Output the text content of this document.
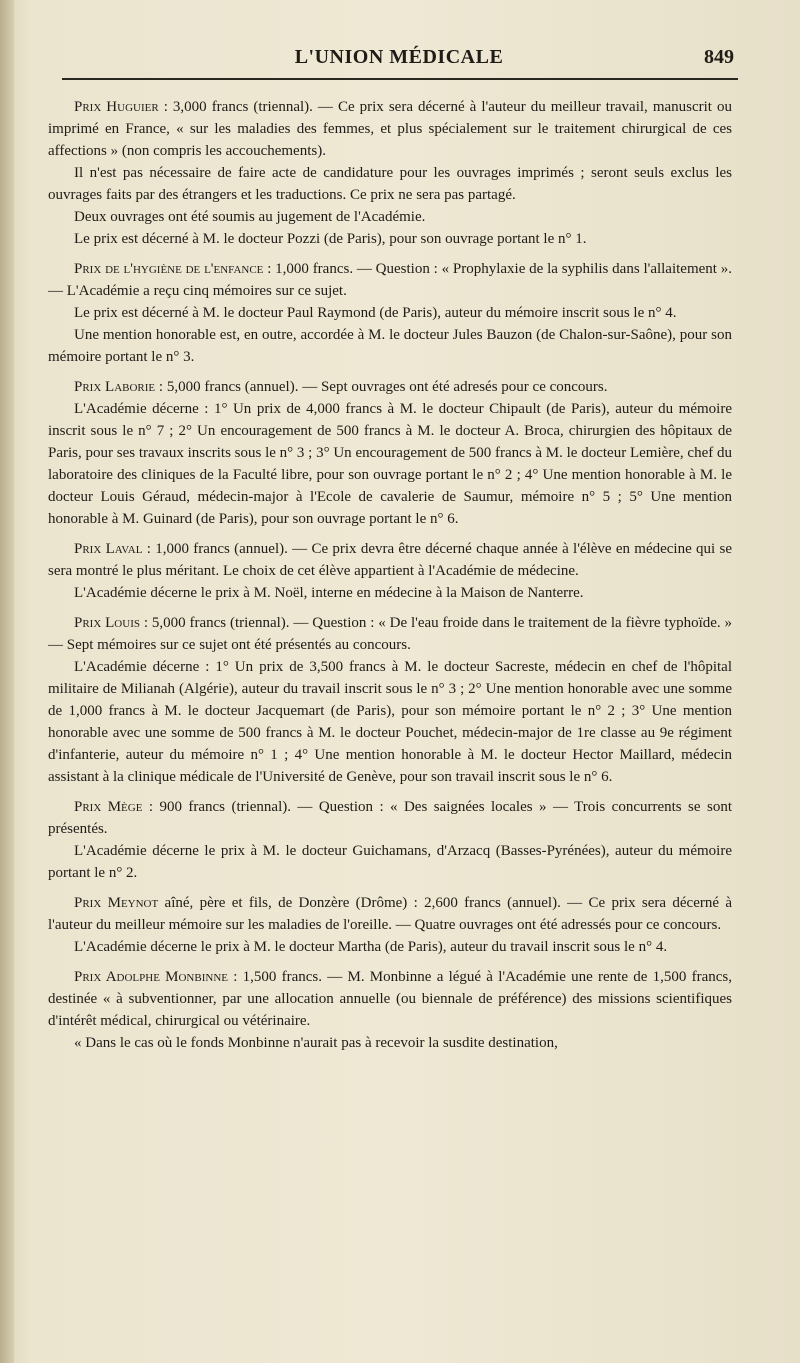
L'UNION MÉDICALE	849

Prix Huguier : 3,000 francs (triennal). — Ce prix sera décerné à l'auteur du meilleur travail, manuscrit ou imprimé en France, « sur les maladies des femmes, et plus spécialement sur le traitement chirurgical de ces affections » (non compris les accouchements).

Il n'est pas nécessaire de faire acte de candidature pour les ouvrages imprimés ; seront seuls exclus les ouvrages faits par des étrangers et les traductions. Ce prix ne sera pas partagé.

Deux ouvrages ont été soumis au jugement de l'Académie.

Le prix est décerné à M. le docteur Pozzi (de Paris), pour son ouvrage portant le n° 1.

Prix de l'hygiène de l'enfance : 1,000 francs. — Question : « Prophylaxie de la syphilis dans l'allaitement ». — L'Académie a reçu cinq mémoires sur ce sujet.

Le prix est décerné à M. le docteur Paul Raymond (de Paris), auteur du mémoire inscrit sous le n° 4.

Une mention honorable est, en outre, accordée à M. le docteur Jules Bauzon (de Chalon-sur-Saône), pour son mémoire portant le n° 3.

Prix Laborie : 5,000 francs (annuel). — Sept ouvrages ont été adresés pour ce concours.

L'Académie décerne : 1° Un prix de 4,000 francs à M. le docteur Chipault (de Paris), auteur du mémoire inscrit sous le n° 7 ; 2° Un encouragement de 500 francs à M. le docteur A. Broca, chirurgien des hôpitaux de Paris, pour ses travaux inscrits sous le n° 3 ; 3° Un encouragement de 500 francs à M. le docteur Lemière, chef du laboratoire des cliniques de la Faculté libre, pour son ouvrage portant le n° 2 ; 4° Une mention honorable à M. le docteur Louis Géraud, médecin-major à l'Ecole de cavalerie de Saumur, mémoire n° 5 ; 5° Une mention honorable à M. Guinard (de Paris), pour son ouvrage portant le n° 6.

Prix Laval : 1,000 francs (annuel). — Ce prix devra être décerné chaque année à l'élève en médecine qui se sera montré le plus méritant. Le choix de cet élève appartient à l'Académie de médecine.

L'Académie décerne le prix à M. Noël, interne en médecine à la Maison de Nanterre.

Prix Louis : 5,000 francs (triennal). — Question : « De l'eau froide dans le traitement de la fièvre typhoïde. » — Sept mémoires sur ce sujet ont été présentés au concours.

L'Académie décerne : 1° Un prix de 3,500 francs à M. le docteur Sacreste, médecin en chef de l'hôpital militaire de Milianah (Algérie), auteur du travail inscrit sous le n° 3 ; 2° Une mention honorable avec une somme de 1,000 francs à M. le docteur Jacquemart (de Paris), pour son mémoire portant le n° 2 ; 3° Une mention honorable avec une somme de 500 francs à M. le docteur Pouchet, médecin-major de 1re classe au 9e régiment d'infanterie, auteur du mémoire n° 1 ; 4° Une mention honorable à M. le docteur Hector Maillard, médecin assistant à la clinique médicale de l'Université de Genève, pour son travail inscrit sous le n° 6.

Prix Mège : 900 francs (triennal). — Question : « Des saignées locales » — Trois concurrents se sont présentés.

L'Académie décerne le prix à M. le docteur Guichamans, d'Arzacq (Basses-Pyrénées), auteur du mémoire portant le n° 2.

Prix Meynot aîné, père et fils, de Donzère (Drôme) : 2,600 francs (annuel). — Ce prix sera décerné à l'auteur du meilleur mémoire sur les maladies de l'oreille. — Quatre ouvrages ont été adressés pour ce concours.

L'Académie décerne le prix à M. le docteur Martha (de Paris), auteur du travail inscrit sous le n° 4.

Prix Adolphe Monbinne : 1,500 francs. — M. Monbinne a légué à l'Académie une rente de 1,500 francs, destinée « à subventionner, par une allocation annuelle (ou biennale de préférence) des missions scientifiques d'intérêt médical, chirurgical ou vétérinaire.

« Dans le cas où le fonds Monbinne n'aurait pas à recevoir la susdite destination,
